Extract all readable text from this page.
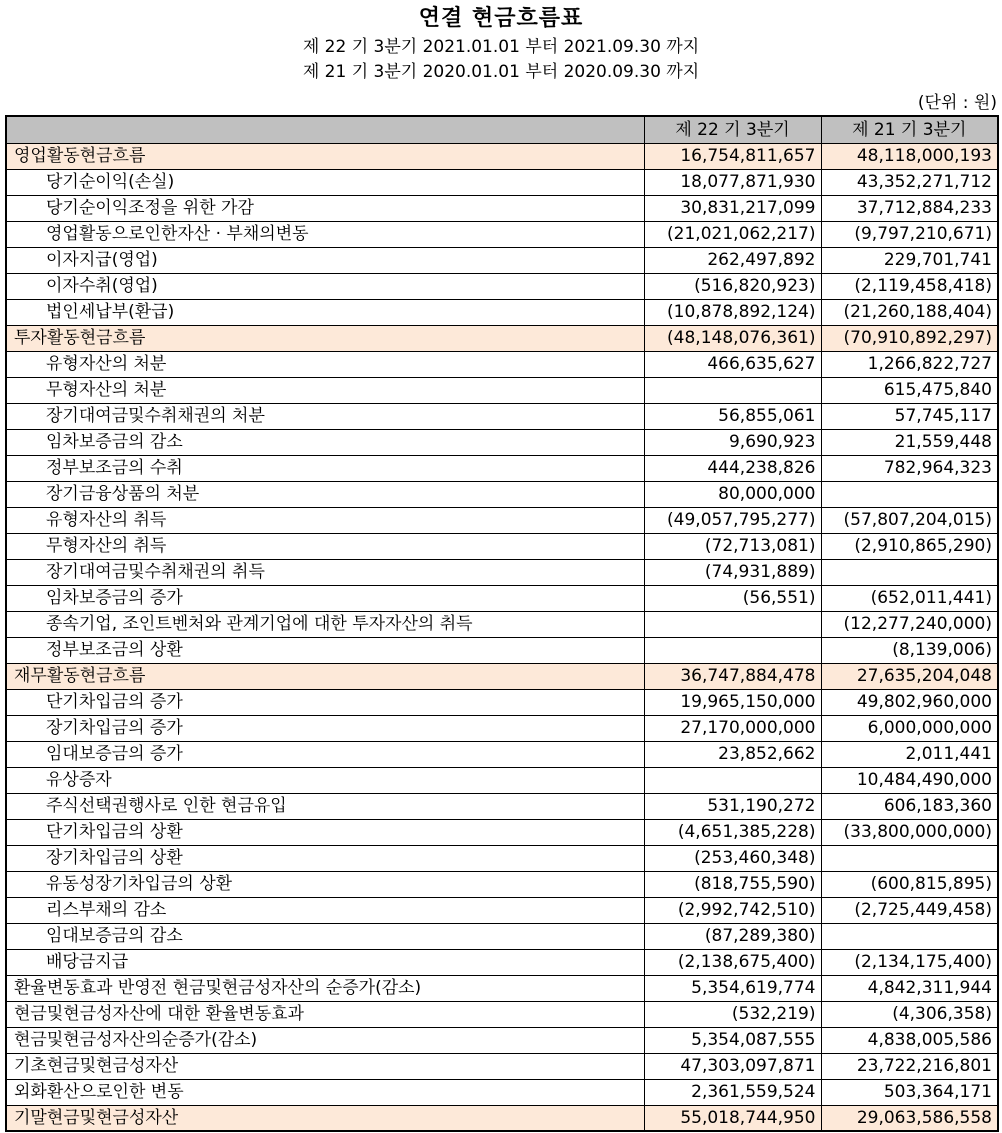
연결 현금흐름표
제 22 기 3분기 2021.01.01 부터 2021.09.30 까지
제 21 기 3분기 2020.01.01 부터 2020.09.30 까지
(단위 : 원)
	제 22 기 3분기	제 21 기 3분기
영업활동현금흐름	16,754,811,657	48,118,000,193
당기순이익(손실)	18,077,871,930	43,352,271,712
당기순이익조정을 위한 가감	30,831,217,099	37,712,884,233
영업활동으로인한자산 · 부채의변동	(21,021,062,217)	(9,797,210,671)
이자지급(영업)	262,497,892	229,701,741
이자수취(영업)	(516,820,923)	(2,119,458,418)
법인세납부(환급)	(10,878,892,124)	(21,260,188,404)
투자활동현금흐름	(48,148,076,361)	(70,910,892,297)
유형자산의 처분	466,635,627	1,266,822,727
무형자산의 처분		615,475,840
장기대여금및수취채권의 처분	56,855,061	57,745,117
임차보증금의 감소	9,690,923	21,559,448
정부보조금의 수취	444,238,826	782,964,323
장기금융상품의 처분	80,000,000	
유형자산의 취득	(49,057,795,277)	(57,807,204,015)
무형자산의 취득	(72,713,081)	(2,910,865,290)
장기대여금및수취채권의 취득	(74,931,889)	
임차보증금의 증가	(56,551)	(652,011,441)
종속기업, 조인트벤처와 관계기업에 대한 투자자산의 취득		(12,277,240,000)
정부보조금의 상환		(8,139,006)
재무활동현금흐름	36,747,884,478	27,635,204,048
단기차입금의 증가	19,965,150,000	49,802,960,000
장기차입금의 증가	27,170,000,000	6,000,000,000
임대보증금의 증가	23,852,662	2,011,441
유상증자		10,484,490,000
주식선택권행사로 인한 현금유입	531,190,272	606,183,360
단기차입금의 상환	(4,651,385,228)	(33,800,000,000)
장기차입금의 상환	(253,460,348)	
유동성장기차입금의 상환	(818,755,590)	(600,815,895)
리스부채의 감소	(2,992,742,510)	(2,725,449,458)
임대보증금의 감소	(87,289,380)	
배당금지급	(2,138,675,400)	(2,134,175,400)
환율변동효과 반영전 현금및현금성자산의 순증가(감소)	5,354,619,774	4,842,311,944
현금및현금성자산에 대한 환율변동효과	(532,219)	(4,306,358)
현금및현금성자산의순증가(감소)	5,354,087,555	4,838,005,586
기초현금및현금성자산	47,303,097,871	23,722,216,801
외화환산으로인한 변동	2,361,559,524	503,364,171
기말현금및현금성자산	55,018,744,950	29,063,586,558
